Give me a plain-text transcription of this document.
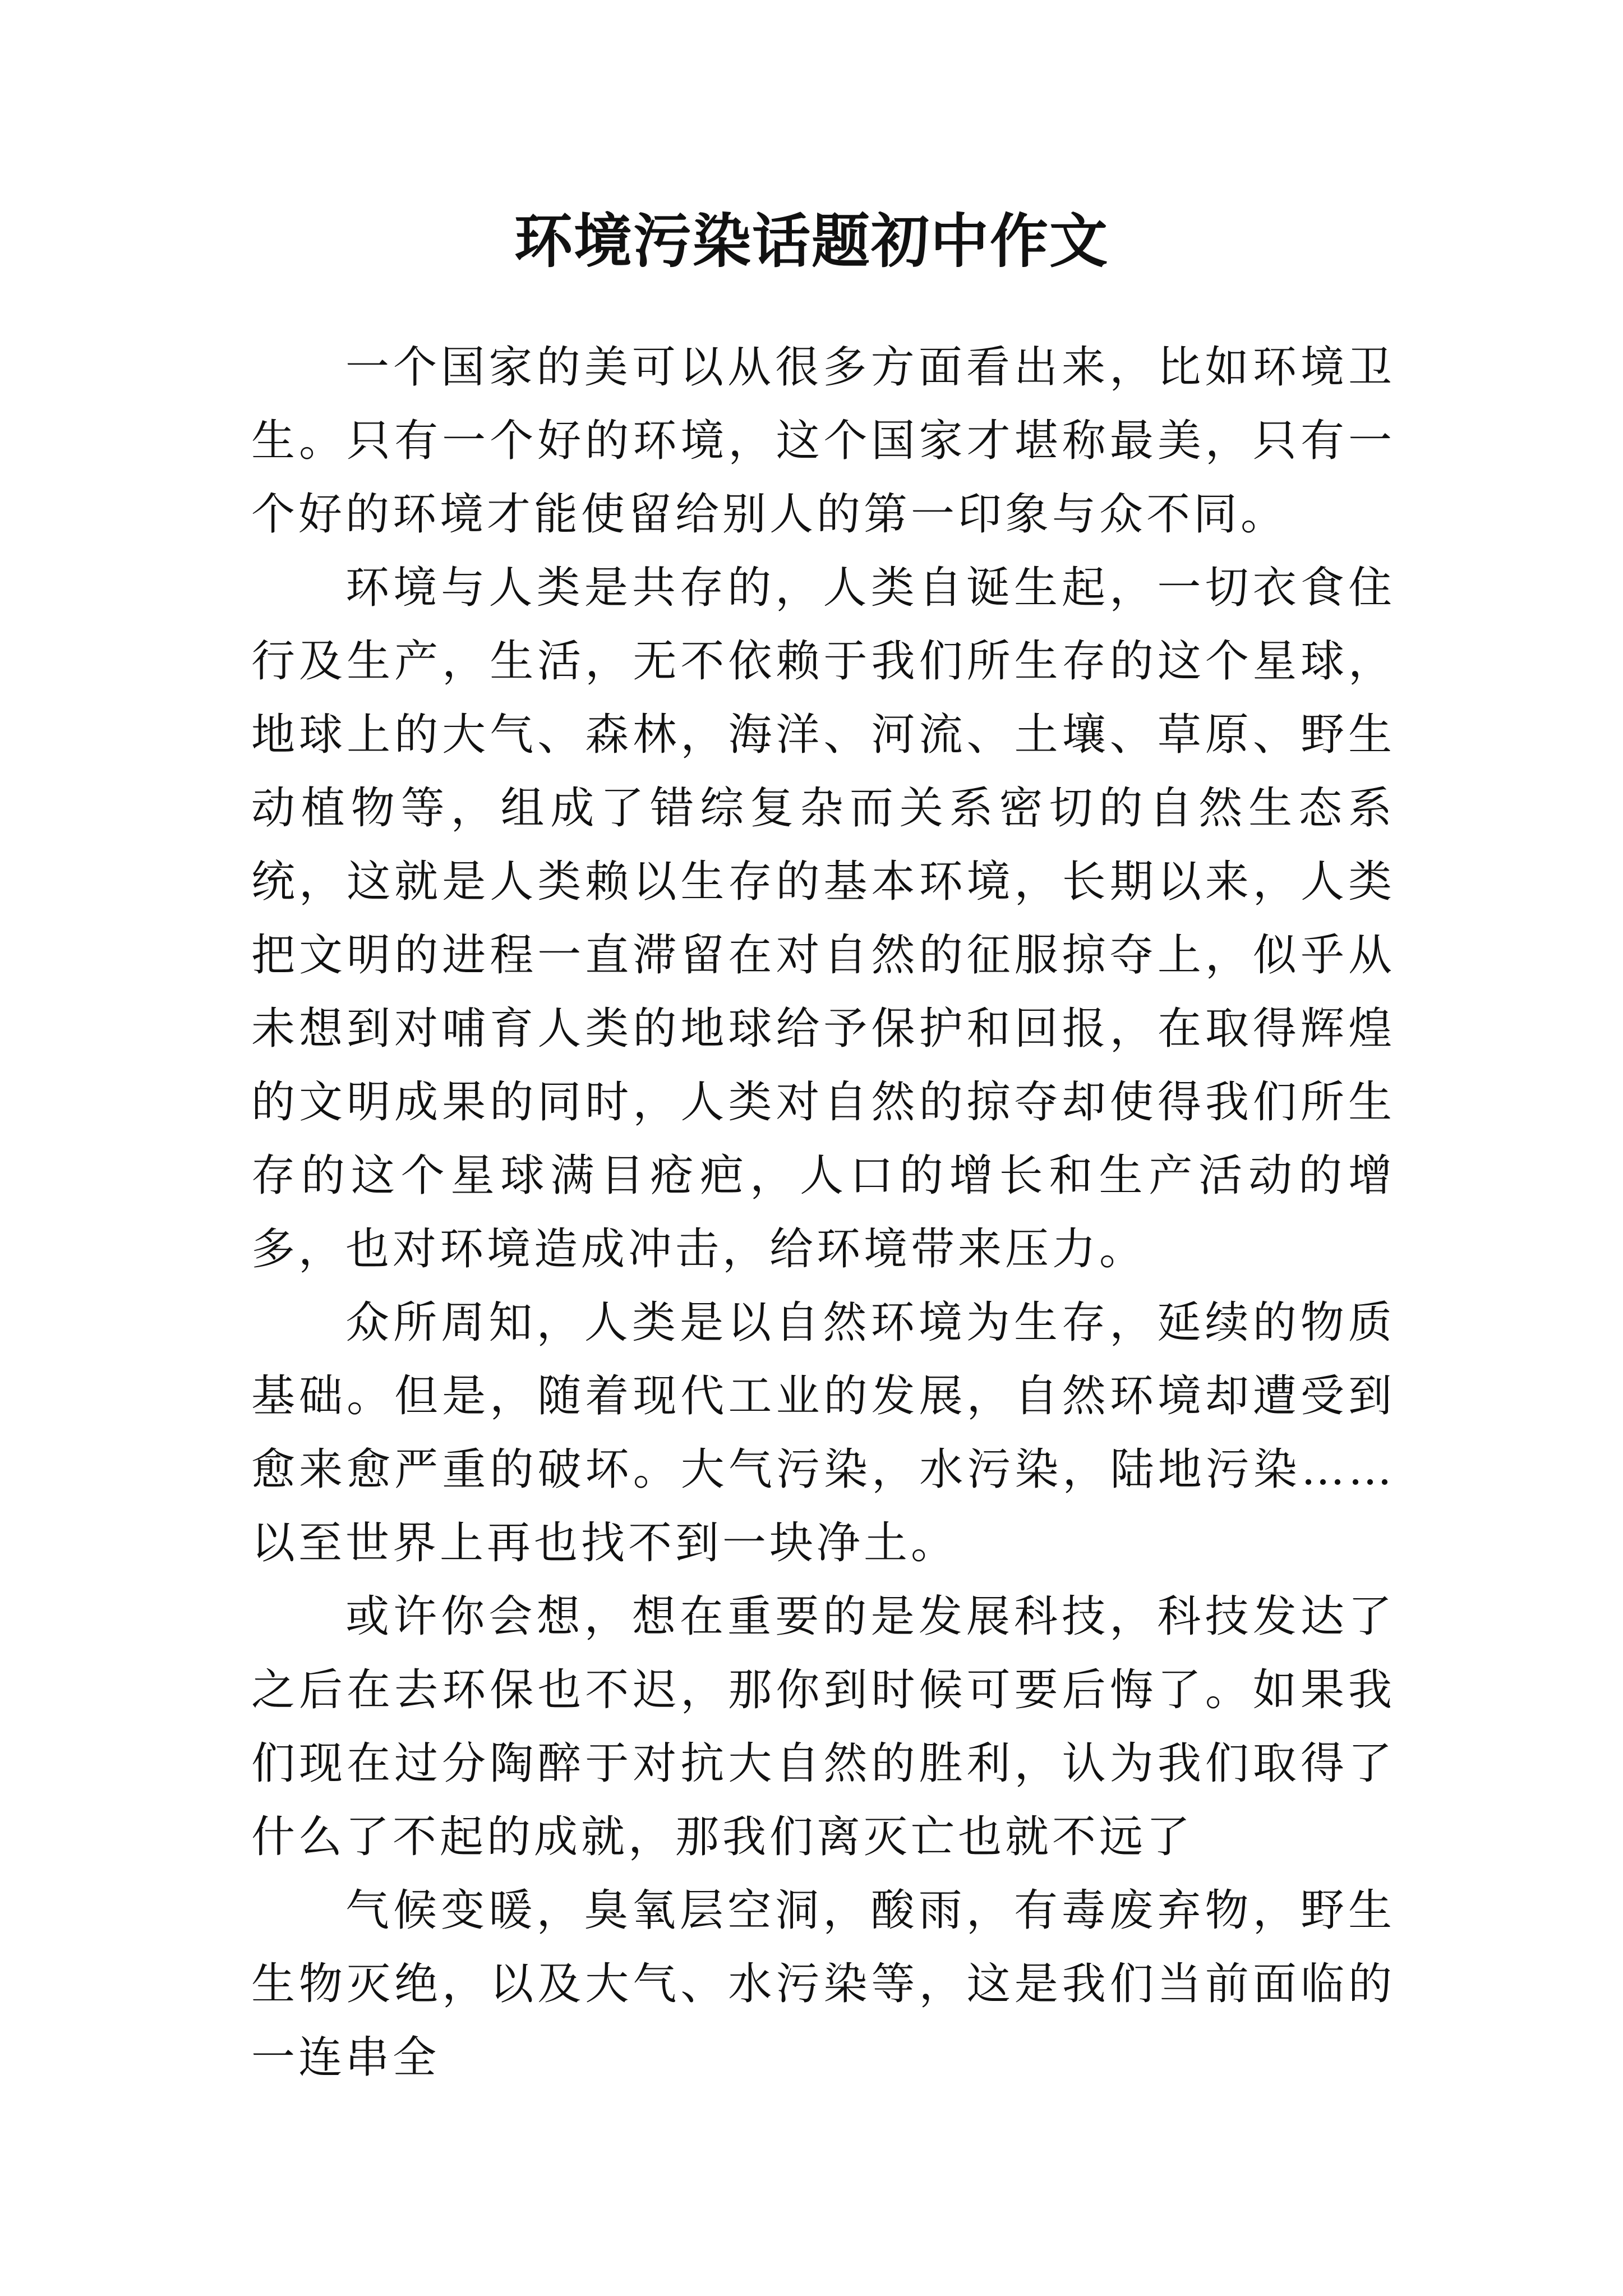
环境污染话题初中作文

一个国家的美可以从很多方面看出来，比如环境卫生。只有一个好的环境，这个国家才堪称最美，只有一个好的环境才能使留给别人的第一印象与众不同。

环境与人类是共存的，人类自诞生起，一切衣食住行及生产，生活，无不依赖于我们所生存的这个星球，地球上的大气、森林，海洋、河流、土壤、草原、野生动植物等，组成了错综复杂而关系密切的自然生态系统，这就是人类赖以生存的基本环境，长期以来，人类把文明的进程一直滞留在对自然的征服掠夺上，似乎从未想到对哺育人类的地球给予保护和回报，在取得辉煌的文明成果的同时，人类对自然的掠夺却使得我们所生存的这个星球满目疮疤，人口的增长和生产活动的增多，也对环境造成冲击，给环境带来压力。

众所周知，人类是以自然环境为生存，延续的物质基础。但是，随着现代工业的发展，自然环境却遭受到愈来愈严重的破坏。大气污染，水污染，陆地污染……以至世界上再也找不到一块净土。

或许你会想，想在重要的是发展科技，科技发达了之后在去环保也不迟，那你到时候可要后悔了。如果我们现在过分陶醉于对抗大自然的胜利，认为我们取得了什么了不起的成就，那我们离灭亡也就不远了

气候变暖，臭氧层空洞，酸雨，有毒废弃物，野生生物灭绝，以及大气、水污染等，这是我们当前面临的一连串全
